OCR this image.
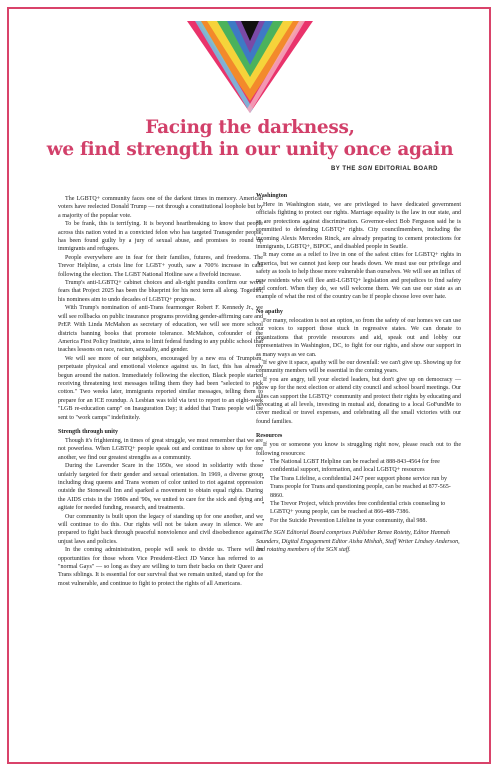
Facing the darkness,
we find strength in our unity once again
BY THE SGN EDITORIAL BOARD

The LGBTQ+ community faces one of the darkest times in memory. American voters have reelected Donald Trump — not through a constitutional loophole but by a majority of the popular vote.

To be frank, this is terrifying. It is beyond heartbreaking to know that people across this nation voted in a convicted felon who has targeted Transgender people, has been found guilty by a jury of sexual abuse, and promises to round up immigrants and refugees.

People everywhere are in fear for their families, futures, and freedoms. The Trevor Helpline, a crisis line for LGBT+ youth, saw a 700% increase in calls following the election. The LGBT National Hotline saw a fivefold increase.

Trump's anti-LGBTQ+ cabinet choices and alt-right pundits confirm our worst fears that Project 2025 has been the blueprint for his next term all along. Together, his nominees aim to undo decades of LGBTQ+ progress.

With Trump's nomination of anti-Trans fearmonger Robert F. Kennedy Jr., we will see rollbacks on public insurance programs providing gender-affirming care and PrEP. With Linda McMahon as secretary of education, we will see more school districts banning books that promote tolerance. McMahon, cofounder of the America First Policy Institute, aims to limit federal funding to any public school that teaches lessons on race, racism, sexuality, and gender.

We will see more of our neighbors, encouraged by a new era of Trumpism, perpetuate physical and emotional violence against us. In fact, this has already begun around the nation. Immediately following the election, Black people started receiving threatening text messages telling them they had been "selected to pick cotton." Two weeks later, immigrants reported similar messages, telling them to prepare for an ICE roundup. A Lesbian was told via text to report to an eight-week "LGB re-education camp" on Inauguration Day; it added that Trans people will be sent to "work camps" indefinitely.

Strength through unity

Though it's frightening, in times of great struggle, we must remember that we are not powerless. When LGBTQ+ people speak out and continue to show up for one another, we find our greatest strengths as a community.

During the Lavender Scare in the 1950s, we stood in solidarity with those unfairly targeted for their gender and sexual orientation. In 1969, a diverse group including drag queens and Trans women of color united to riot against oppression outside the Stonewall Inn and sparked a movement to obtain equal rights. During the AIDS crisis in the 1980s and '90s, we united to care for the sick and dying and agitate for needed funding, research, and treatments.

Our community is built upon the legacy of standing up for one another, and we will continue to do this. Our rights will not be taken away in silence. We are prepared to fight back through peaceful nonviolence and civil disobedience against unjust laws and policies.

In the coming administration, people will seek to divide us. There will be opportunities for those whom Vice President-Elect JD Vance has referred to as "normal Gays" — so long as they are willing to turn their backs on their Queer and Trans siblings. It is essential for our survival that we remain united, stand up for the most vulnerable, and continue to fight to protect the rights of all Americans.

Washington

Here in Washington state, we are privileged to have dedicated government officials fighting to protect our rights. Marriage equality is the law in our state, and so are protections against discrimination. Governor-elect Bob Ferguson said he is committed to defending LGBTQ+ rights. City councilmembers, including the incoming Alexis Mercedes Rinck, are already preparing to cement protections for immigrants, LGBTQ+, BIPOC, and disabled people in Seattle.

It may come as a relief to live in one of the safest cities for LGBTQ+ rights in America, but we cannot just keep our heads down. We must use our privilege and safety as tools to help those more vulnerable than ourselves. We will see an influx of new residents who will flee anti-LGBTQ+ legislation and prejudices to find safety and comfort. When they do, we will welcome them. We can use our state as an example of what the rest of the country can be if people choose love over hate.

No apathy

For many, relocation is not an option, so from the safety of our homes we can use our voices to support those stuck in regressive states. We can donate to organizations that provide resources and aid, speak out and lobby our representatives in Washington, DC, to fight for our rights, and show our support in as many ways as we can.

If we give it space, apathy will be our downfall: we can't give up. Showing up for community members will be essential in the coming years.

If you are angry, tell your elected leaders, but don't give up on democracy — show up for the next election or attend city council and school board meetings. Our allies can support the LGBTQ+ community and protect their rights by educating and advocating at all levels, investing in mutual aid, donating to a local GoFundMe to cover medical or travel expenses, and celebrating all the small victories with our found families.

Resources

If you or someone you know is struggling right now, please reach out to the following resources:

• The National LGBT Helpline can be reached at 888-843-4564 for free confidential support, information, and local LGBTQ+ resources
• The Trans Lifeline, a confidential 24/7 peer support phone service run by Trans people for Trans and questioning people, can be reached at 877-565-8860.
• The Trevor Project, which provides free confidential crisis counseling to LGBTQ+ young people, can be reached at 866-488-7386.
• For the Suicide Prevention Lifeline in your community, dial 988.

The SGN Editorial Board comprises Publisher Renee Rotetty, Editor Hannah Saunders, Digital Engagement Editor Aisha Mishah, Staff Writer Lindsey Anderson, and rotating members of the SGN staff.
